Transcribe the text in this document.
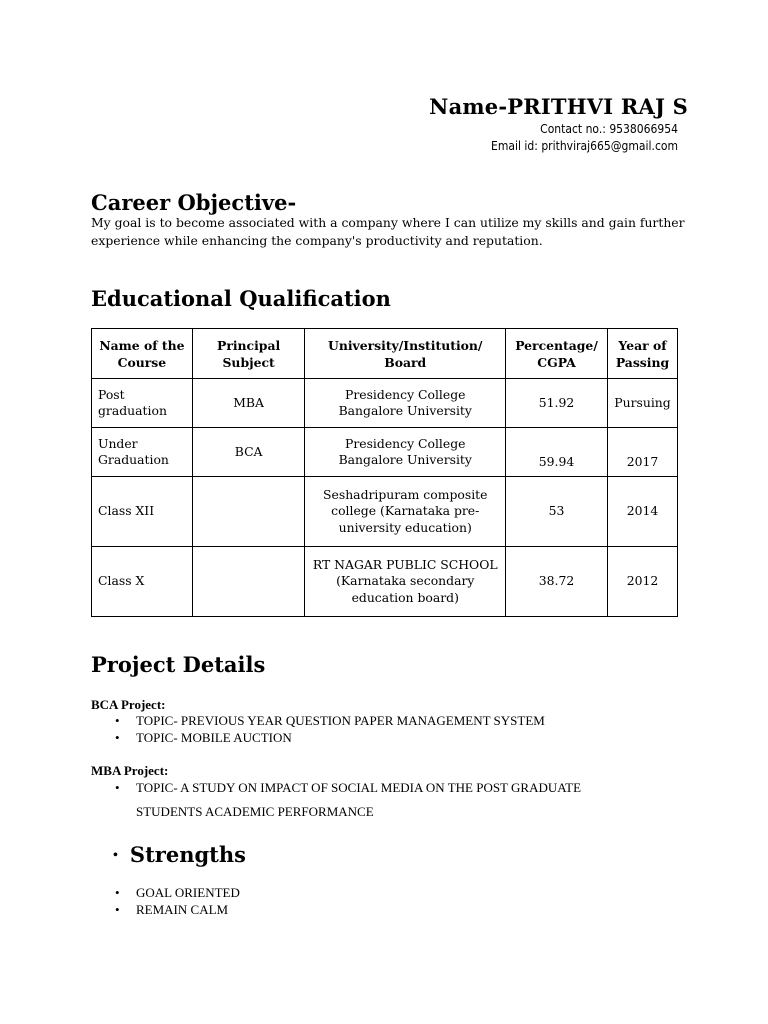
Name-PRITHVI RAJ S
Contact no.: 9538066954
Email id: prithviraj665@gmail.com
Career Objective-
My goal is to become associated with a company where I can utilize my skills and gain further experience while enhancing the company's productivity and reputation.
Educational Qualification
Name of the Course	Principal Subject	University/Institution/ Board	Percentage/ CGPA	Year of Passing
Post graduation	MBA	Presidency College Bangalore University	51.92	Pursuing
Under Graduation	BCA	Presidency College Bangalore University	59.94	2017
Class XII		Seshadripuram composite college (Karnataka pre-university education)	53	2014
Class X		RT NAGAR PUBLIC SCHOOL (Karnataka secondary education board)	38.72	2012
Project Details
BCA Project:
• TOPIC- PREVIOUS YEAR QUESTION PAPER MANAGEMENT SYSTEM
• TOPIC- MOBILE AUCTION
MBA Project:
• TOPIC- A STUDY ON IMPACT OF SOCIAL MEDIA ON THE POST GRADUATE
STUDENTS ACADEMIC PERFORMANCE
• Strengths
• GOAL ORIENTED
• REMAIN CALM
